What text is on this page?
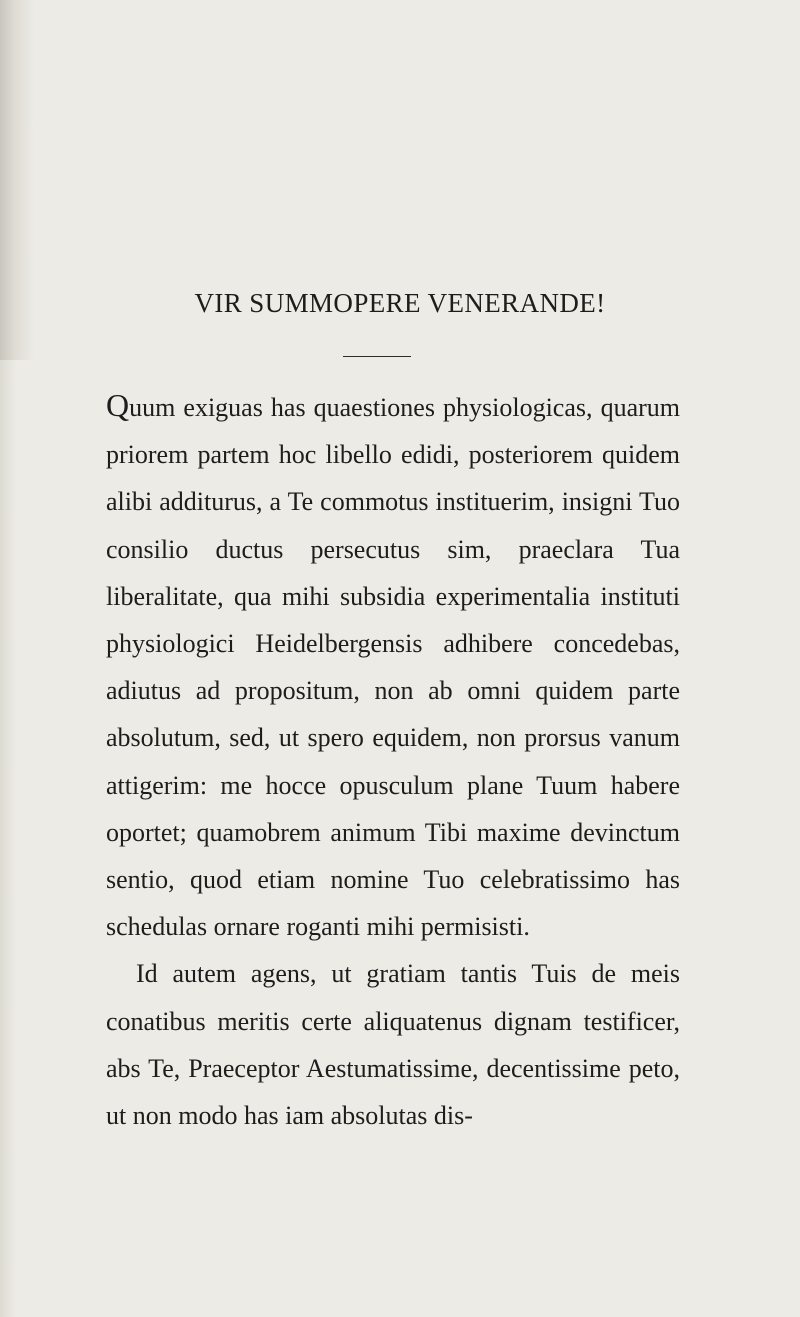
VIR SUMMOPERE VENERANDE!

Quum exiguas has quaestiones physiologicas, quarum priorem partem hoc libello edidi, posteriorem quidem alibi additurus, a Te commotus instituerim, insigni Tuo consilio ductus persecutus sim, praeclara Tua liberalitate, qua mihi subsidia experimentalia instituti physiologici Heidelbergensis adhibere concedebas, adiutus ad propositum, non ab omni quidem parte absolutum, sed, ut spero equidem, non prorsus vanum attigerim: me hocce opusculum plane Tuum habere oportet; quamobrem animum Tibi maxime devinctum sentio, quod etiam nomine Tuo celebratissimo has schedulas ornare roganti mihi permisisti.

Id autem agens, ut gratiam tantis Tuis de meis conatibus meritis certe aliquatenus dignam testificer, abs Te, Praeceptor Aestumatissime, decentissime peto, ut non modo has iam absolutas dis-
